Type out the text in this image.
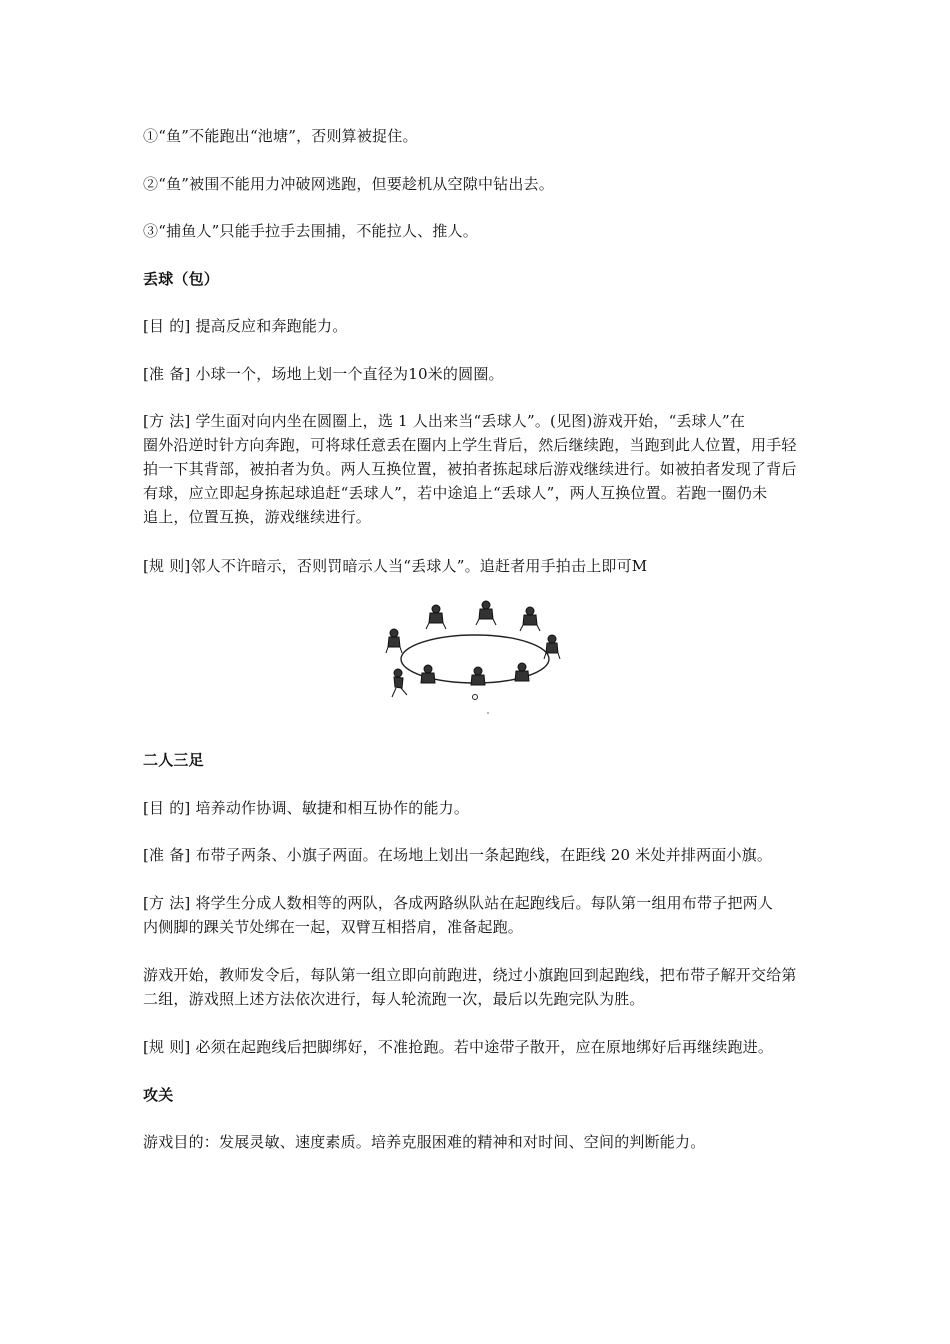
①“鱼”不能跑出“池塘”，否则算被捉住。
②“鱼”被围不能用力冲破网逃跑，但要趁机从空隙中钻出去。
③“捕鱼人”只能手拉手去围捕，不能拉人、推人。
丢球（包）
[目 的] 提高反应和奔跑能力。
[准 备] 小球一个，场地上划一个直径为10米的圆圈。
[方 法] 学生面对向内坐在圆圈上，选 1 人出来当“丢球人”。(见图)游戏开始，“丢球人”在
圈外沿逆时针方向奔跑，可将球任意丢在圈内上学生背后，然后继续跑，当跑到此人位置，用手轻
拍一下其背部，被拍者为负。两人互换位置，被拍者拣起球后游戏继续进行。如被拍者发现了背后
有球，应立即起身拣起球追赶“丢球人”，若中途追上“丢球人”，两人互换位置。若跑一圈仍未
追上，位置互换，游戏继续进行。
[规 则]邻人不许暗示，否则罚暗示人当“丢球人”。追赶者用手拍击上即可M
二人三足
[目 的] 培养动作协调、敏捷和相互协作的能力。
[准 备] 布带子两条、小旗子两面。在场地上划出一条起跑线，在距线 20 米处并排两面小旗。
[方 法] 将学生分成人数相等的两队，各成两路纵队站在起跑线后。每队第一组用布带子把两人
内侧脚的踝关节处绑在一起，双臂互相搭肩，准备起跑。
游戏开始，教师发令后，每队第一组立即向前跑进，绕过小旗跑回到起跑线，把布带子解开交给第
二组，游戏照上述方法依次进行，每人轮流跑一次，最后以先跑完队为胜。
[规 则] 必须在起跑线后把脚绑好，不准抢跑。若中途带子散开，应在原地绑好后再继续跑进。
攻关
游戏目的：发展灵敏、速度素质。培养克服困难的精神和对时间、空间的判断能力。
